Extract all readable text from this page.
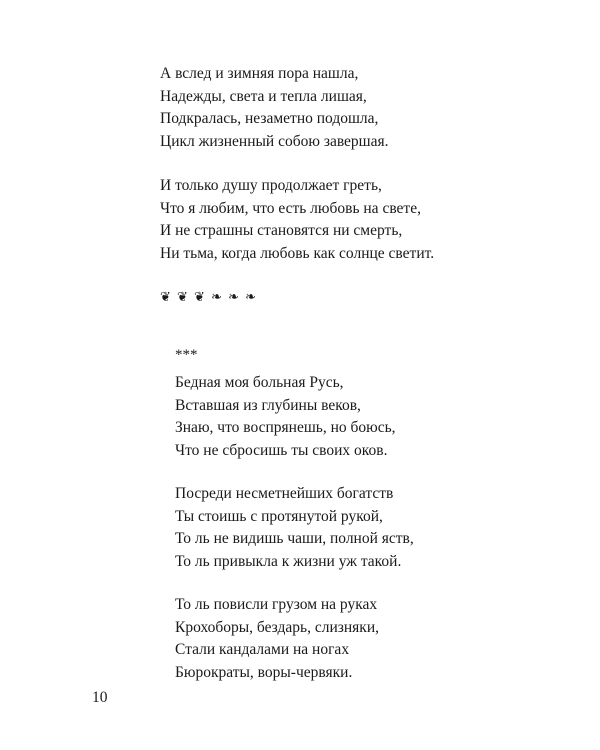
А вслед и зимняя пора нашла,
Надежды, света и тепла лишая,
Подкралась, незаметно подошла,
Цикл жизненный собою завершая.
И только душу продолжает греть,
Что я любим, что есть любовь на свете,
И не страшны становятся ни смерть,
Ни тьма, когда любовь как солнце светит.
❦ ❦ ❦ ❧ ❧ ❧
***
Бедная моя больная Русь,
Вставшая из глубины веков,
Знаю, что воспрянешь, но боюсь,
Что не сбросишь ты своих оков.
Посреди несметнейших богатств
Ты стоишь с протянутой рукой,
То ль не видишь чаши, полной яств,
То ль привыкла к жизни уж такой.
То ль повисли грузом на руках
Крохоборы, бездарь, слизняки,
Стали кандалами на ногах
Бюрократы, воры-червяки.
10
